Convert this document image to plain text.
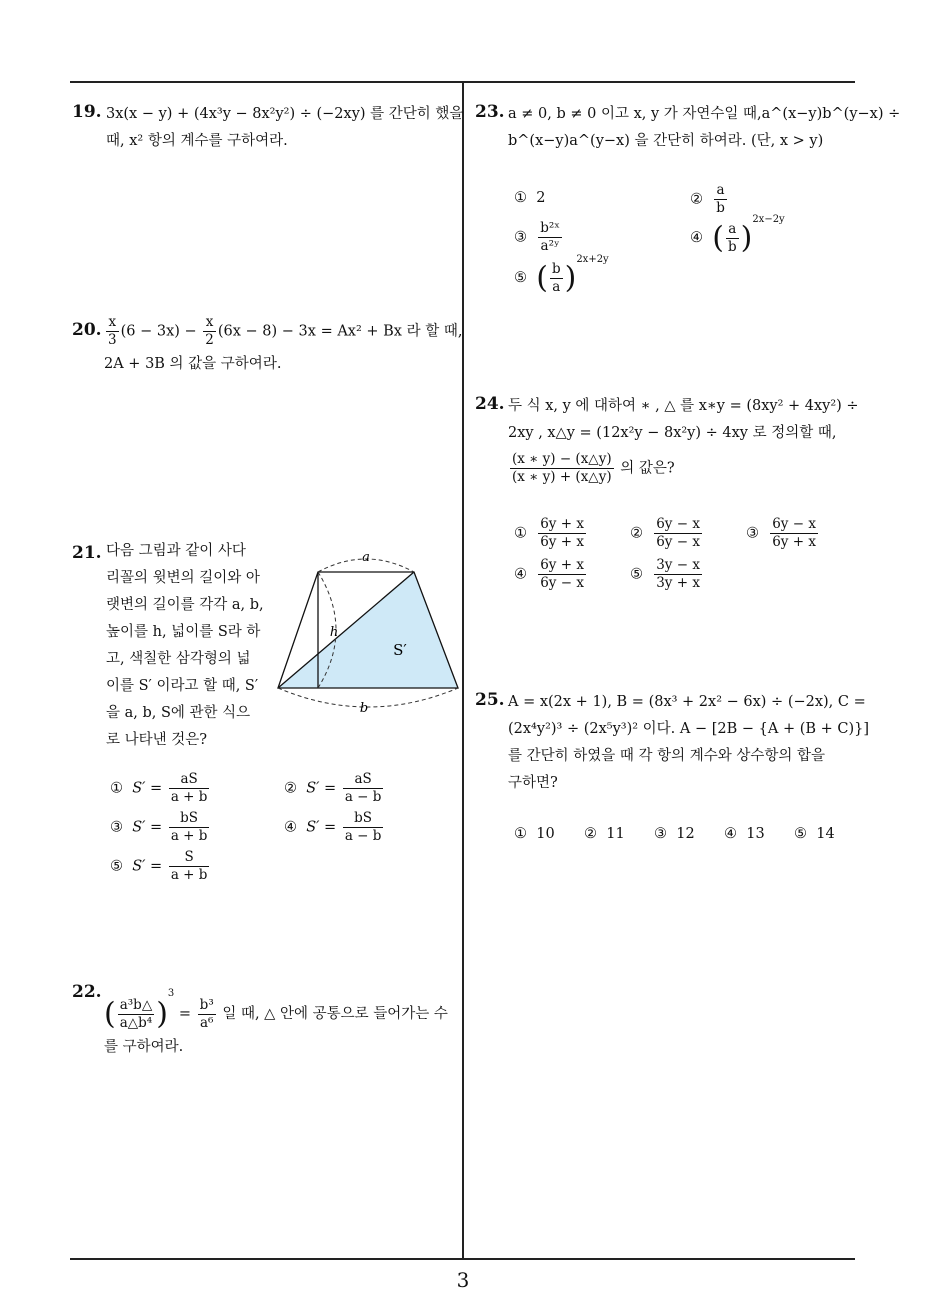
19. 3x(x − y) + (4x³y − 8x²y²) ÷ (−2xy) 를 간단히 했을
때, x² 항의 계수를 구하여라.
20. $\frac{x}{3} (6 - 3x) - \frac{x}{2} (6x - 8) - 3x = Ax^2 + Bx$ 라 할 때,
2A + 3B 의 값을 구하여라.
21. 다음 그림과 같이 사다
리꼴의 윗변의 길이와 아
랫변의 길이를 각각 a, b,
높이를 h, 넓이를 S라 하
고, 색칠한 삼각형의 넓
이를 S′ 이라고 할 때, S′
을 a, b, S에 관한 식으
로 나타낸 것은?
a
b
h
S′
① $S' = \frac{aS}{a + b}$	② $S' = \frac{aS}{a - b}$
③ $S' = \frac{bS}{a + b}$	④ $S' = \frac{bS}{a - b}$
⑤ $S' = \frac{S}{a + b}$
22.
( $\frac{\text{a³b△}}{\text{a△b⁴}} )^3 = \frac{\text{b³}}{\text{a⁶}}$ 일 때, △ 안에 공통으로 들어가는 수
를 구하여라.
23. a ≠ 0, b ≠ 0 이고 x, y 가 자연수일 때,a^(x−y)b^(y−x) ÷
b^(x−y)a^(y−x) 을 간단히 하여라. (단, x > y)
① 2	② $\frac{a}{b}$
③ $\frac{\text{b²ˣ}}{\text{a²ʸ}}$	④ ( $\frac{a}{b} )^{2x-2y}$
⑤ ( $\frac{b}{a} )^{2x+2y}$
24. 두 식 x, y 에 대하여 ∗ , △ 를 x∗y = (8xy² + 4xy²) ÷
2xy , x△y = (12x²y − 8x²y) ÷ 4xy 로 정의할 때,
$\frac{(x ∗ y) - (x\triangle y)}{(x ∗ y) + (x\triangle y)}$ 의 값은?
① $\frac{6y + x}{6y + x}$	② $\frac{6y - x}{6y - x}$	③ $\frac{6y - x}{6y + x}$
④ $\frac{6y + x}{6y - x}$	⑤ $\frac{3y - x}{3y + x}$
25. A = x(2x + 1), B = (8x³ + 2x² − 6x) ÷ (−2x), C =
(2x⁴y²)³ ÷ (2x⁵y³)² 이다. A − [2B − {A + (B + C)}]
를 간단히 하였을 때 각 항의 계수와 상수항의 합을
구하면?
① 10 ② 11 ③ 12 ④ 13 ⑤ 14
3
